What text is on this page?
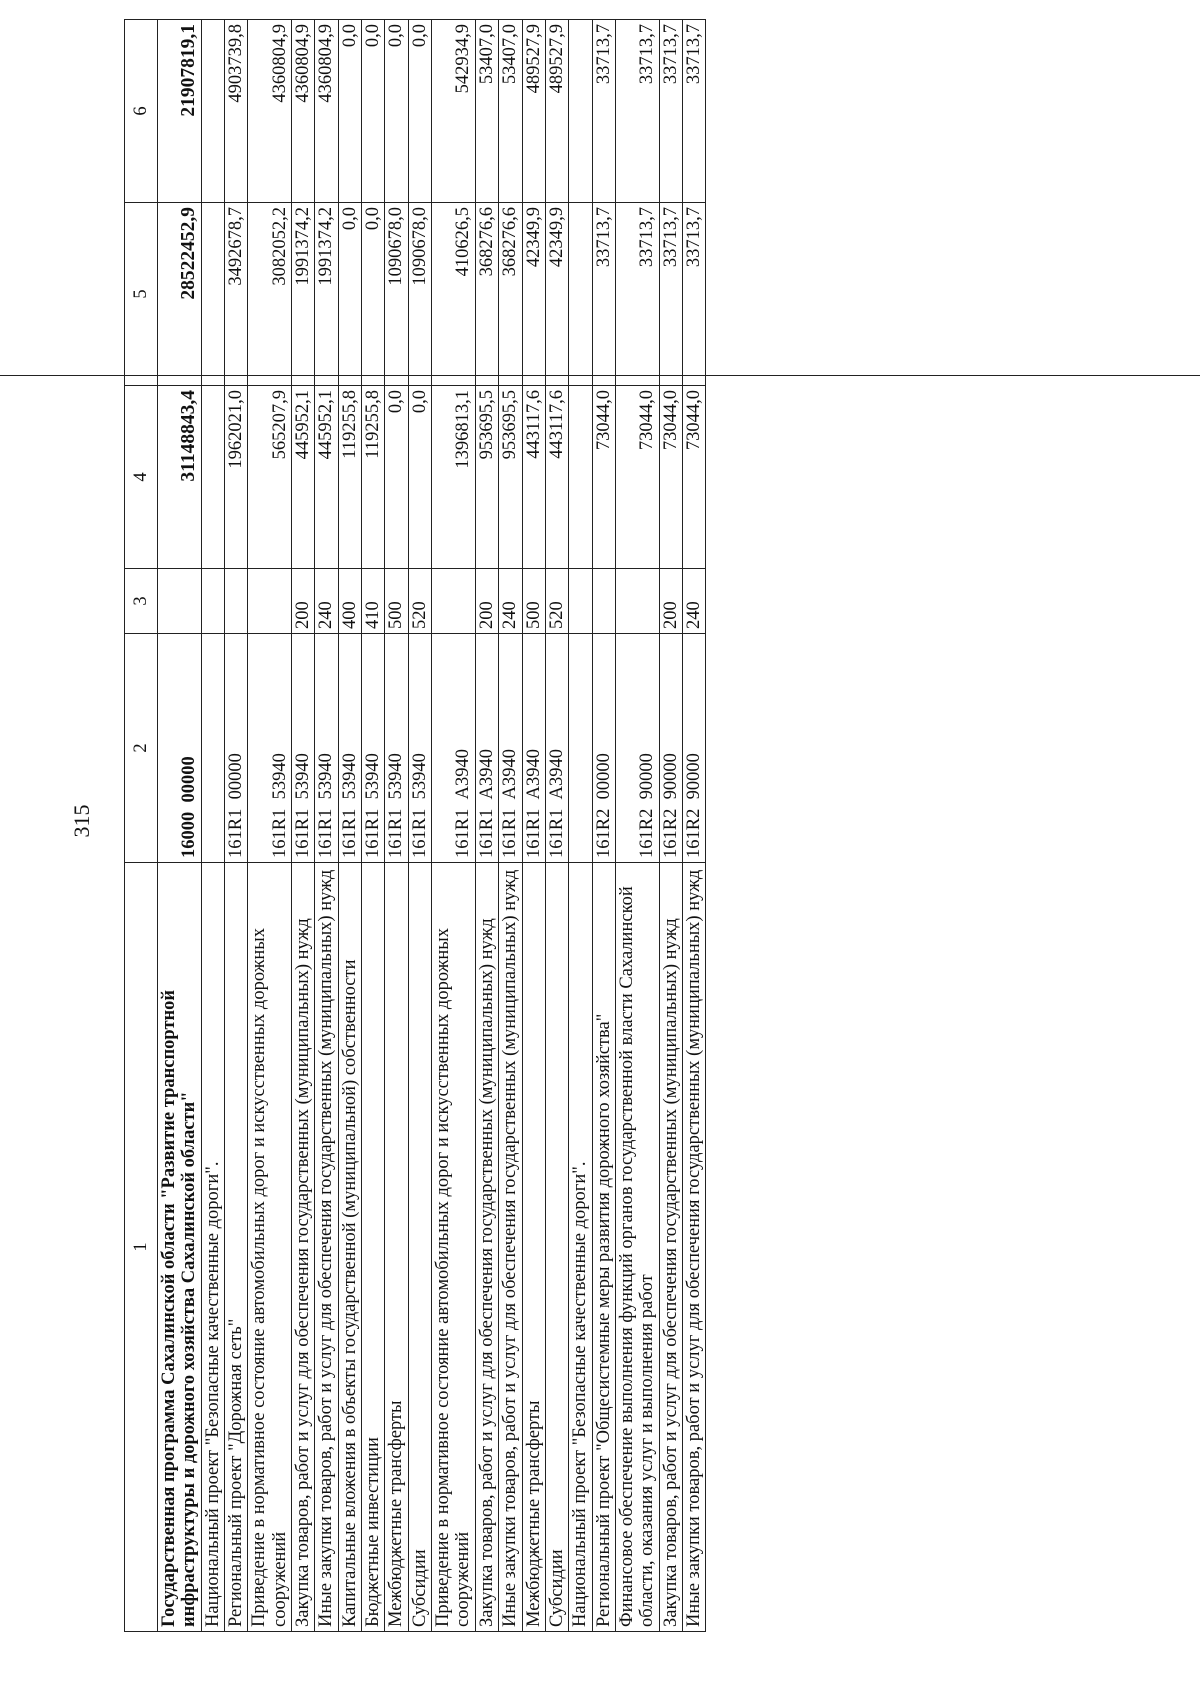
315
1	2	3	4	5	6
Государственная программа Сахалинской области "Развитие транспортной инфраструктуры и дорожного хозяйства Сахалинской области"	16000  00000		31148843,4	28522452,9	21907819,1
Национальный проект "Безопасные качественные дороги".					
Региональный проект "Дорожная сеть"	161R1  00000		1962021,0	3492678,7	4903739,8
Приведение в нормативное состояние автомобильных дорог и искусственных дорожных сооружений	161R1  53940		565207,9	3082052,2	4360804,9
Закупка товаров, работ и услуг для обеспечения государственных (муниципальных) нужд	161R1  53940	200	445952,1	1991374,2	4360804,9
Иные закупки товаров, работ и услуг для обеспечения государственных (муниципальных) нужд	161R1  53940	240	445952,1	1991374,2	4360804,9
Капитальные вложения в объекты государственной (муниципальной) собственности	161R1  53940	400	119255,8	0,0	0,0
Бюджетные инвестиции	161R1  53940	410	119255,8	0,0	0,0
Межбюджетные трансферты	161R1  53940	500	0,0	1090678,0	0,0
Субсидии	161R1  53940	520	0,0	1090678,0	0,0
Приведение в нормативное состояние автомобильных дорог и искусственных дорожных сооружений	161R1  А3940		1396813,1	410626,5	542934,9
Закупка товаров, работ и услуг для обеспечения государственных (муниципальных) нужд	161R1  А3940	200	953695,5	368276,6	53407,0
Иные закупки товаров, работ и услуг для обеспечения государственных (муниципальных) нужд	161R1  А3940	240	953695,5	368276,6	53407,0
Межбюджетные трансферты	161R1  А3940	500	443117,6	42349,9	489527,9
Субсидии	161R1  А3940	520	443117,6	42349,9	489527,9
Национальный проект "Безопасные качественные дороги".					
Региональный проект "Общесистемные меры развития дорожного хозяйства"	161R2  00000		73044,0	33713,7	33713,7
Финансовое обеспечение выполнения функций органов государственной власти Сахалинской области, оказания услуг и выполнения работ	161R2  90000		73044,0	33713,7	33713,7
Закупка товаров, работ и услуг для обеспечения государственных (муниципальных) нужд	161R2  90000	200	73044,0	33713,7	33713,7
Иные закупки товаров, работ и услуг для обеспечения государственных (муниципальных) нужд	161R2  90000	240	73044,0	33713,7	33713,7
